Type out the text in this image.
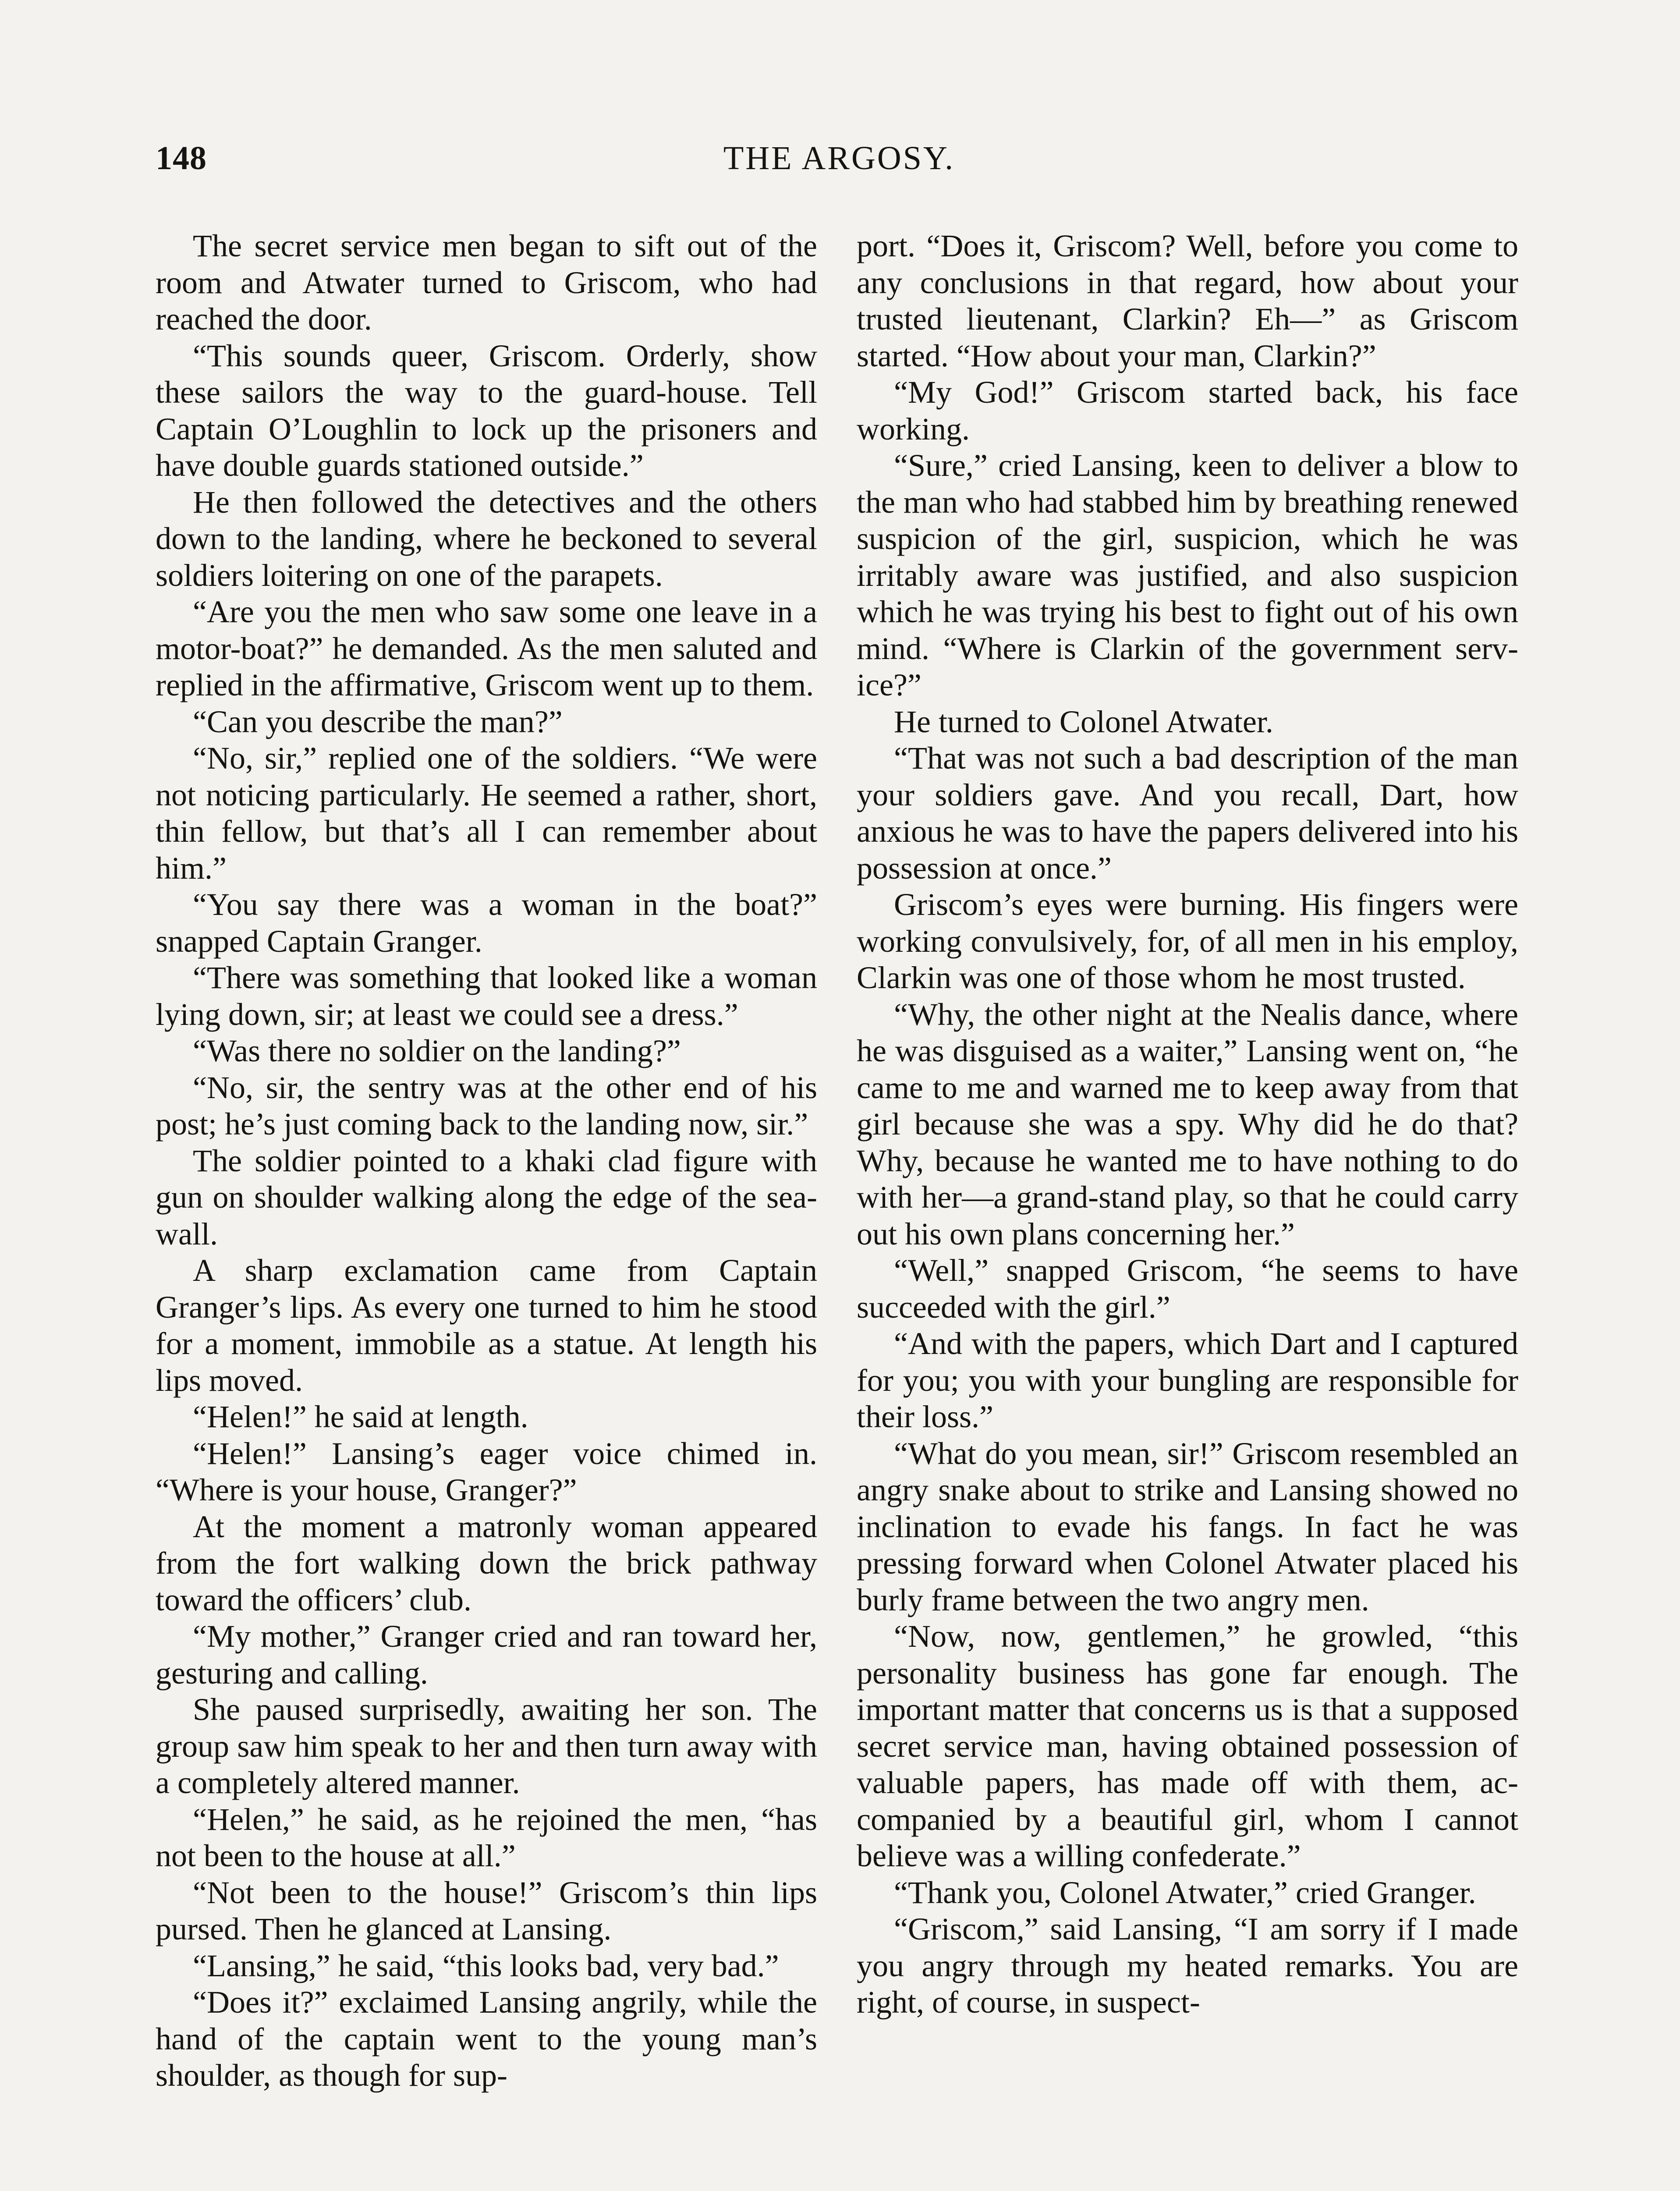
148	THE ARGOSY.

The secret service men began to sift out of the room and Atwater turned to Griscom, who had reached the door.

“This sounds queer, Griscom. Orderly, show these sailors the way to the guard-house. Tell Captain O’Loughlin to lock up the prisoners and have double guards stationed outside.”

He then followed the detectives and the others down to the landing, where he beckoned to several soldiers loitering on one of the parapets.

“Are you the men who saw some one leave in a motor-boat?” he demanded. As the men saluted and replied in the affirmative, Griscom went up to them.

“Can you describe the man?”

“No, sir,” replied one of the soldiers. “We were not noticing particularly. He seemed a rather, short, thin fellow, but that’s all I can remember about him.”

“You say there was a woman in the boat?” snapped Captain Granger.

“There was something that looked like a woman lying down, sir; at least we could see a dress.”

“Was there no soldier on the landing?”

“No, sir, the sentry was at the other end of his post; he’s just coming back to the landing now, sir.”

The soldier pointed to a khaki clad figure with gun on shoulder walking along the edge of the sea-wall.

A sharp exclamation came from Captain Granger’s lips. As every one turned to him he stood for a moment, immobile as a statue. At length his lips moved.

“Helen!” he said at length.

“Helen!” Lansing’s eager voice chimed in. “Where is your house, Granger?”

At the moment a matronly woman appeared from the fort walking down the brick pathway toward the officers’ club.

“My mother,” Granger cried and ran toward her, gesturing and calling.

She paused surprisedly, awaiting her son. The group saw him speak to her and then turn away with a completely altered manner.

“Helen,” he said, as he rejoined the men, “has not been to the house at all.”

“Not been to the house!” Griscom’s thin lips pursed. Then he glanced at Lansing.

“Lansing,” he said, “this looks bad, very bad.”

“Does it?” exclaimed Lansing angrily, while the hand of the captain went to the young man’s shoulder, as though for sup-

port. “Does it, Griscom? Well, before you come to any conclusions in that regard, how about your trusted lieutenant, Clarkin? Eh—” as Griscom started. “How about your man, Clarkin?”

“My God!” Griscom started back, his face working.

“Sure,” cried Lansing, keen to deliver a blow to the man who had stabbed him by breathing renewed suspicion of the girl, suspicion, which he was irritably aware was justified, and also suspicion which he was trying his best to fight out of his own mind. “Where is Clarkin of the government service?”

He turned to Colonel Atwater.

“That was not such a bad description of the man your soldiers gave. And you recall, Dart, how anxious he was to have the papers delivered into his possession at once.”

Griscom’s eyes were burning. His fingers were working convulsively, for, of all men in his employ, Clarkin was one of those whom he most trusted.

“Why, the other night at the Nealis dance, where he was disguised as a waiter,” Lansing went on, “he came to me and warned me to keep away from that girl because she was a spy. Why did he do that? Why, because he wanted me to have nothing to do with her—a grand-stand play, so that he could carry out his own plans concerning her.”

“Well,” snapped Griscom, “he seems to have succeeded with the girl.”

“And with the papers, which Dart and I captured for you; you with your bungling are responsible for their loss.”

“What do you mean, sir!” Griscom resembled an angry snake about to strike and Lansing showed no inclination to evade his fangs. In fact he was pressing forward when Colonel Atwater placed his burly frame between the two angry men.

“Now, now, gentlemen,” he growled, “this personality business has gone far enough. The important matter that concerns us is that a supposed secret service man, having obtained possession of valuable papers, has made off with them, accompanied by a beautiful girl, whom I cannot believe was a willing confederate.”

“Thank you, Colonel Atwater,” cried Granger.

“Griscom,” said Lansing, “I am sorry if I made you angry through my heated remarks. You are right, of course, in suspect-
